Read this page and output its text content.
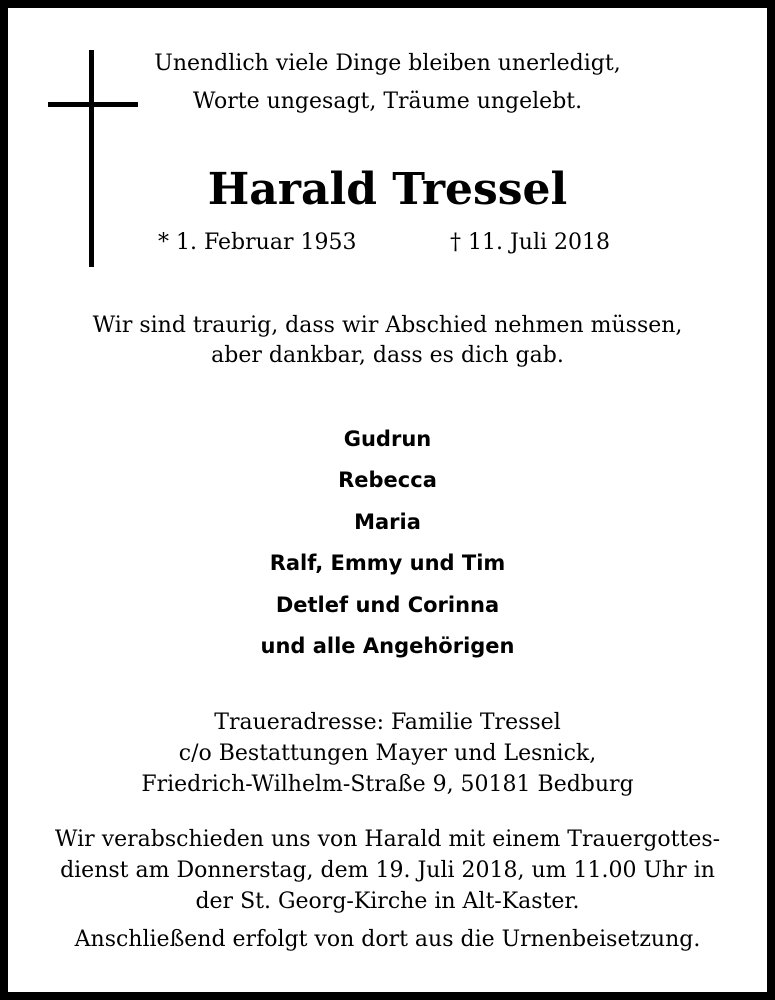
Unendlich viele Dinge bleiben unerledigt,
Worte ungesagt, Träume ungelebt.
Harald Tressel
* 1. Februar 1953	† 11. Juli 2018
Wir sind traurig, dass wir Abschied nehmen müssen,
aber dankbar, dass es dich gab.
Gudrun
Rebecca
Maria
Ralf, Emmy und Tim
Detlef und Corinna
und alle Angehörigen
Traueradresse: Familie Tressel
c/o Bestattungen Mayer und Lesnick,
Friedrich-Wilhelm-Straße 9, 50181 Bedburg
Wir verabschieden uns von Harald mit einem Trauergottes-
dienst am Donnerstag, dem 19. Juli 2018, um 11.00 Uhr in
der St. Georg-Kirche in Alt-Kaster.
Anschließend erfolgt von dort aus die Urnenbeisetzung.
